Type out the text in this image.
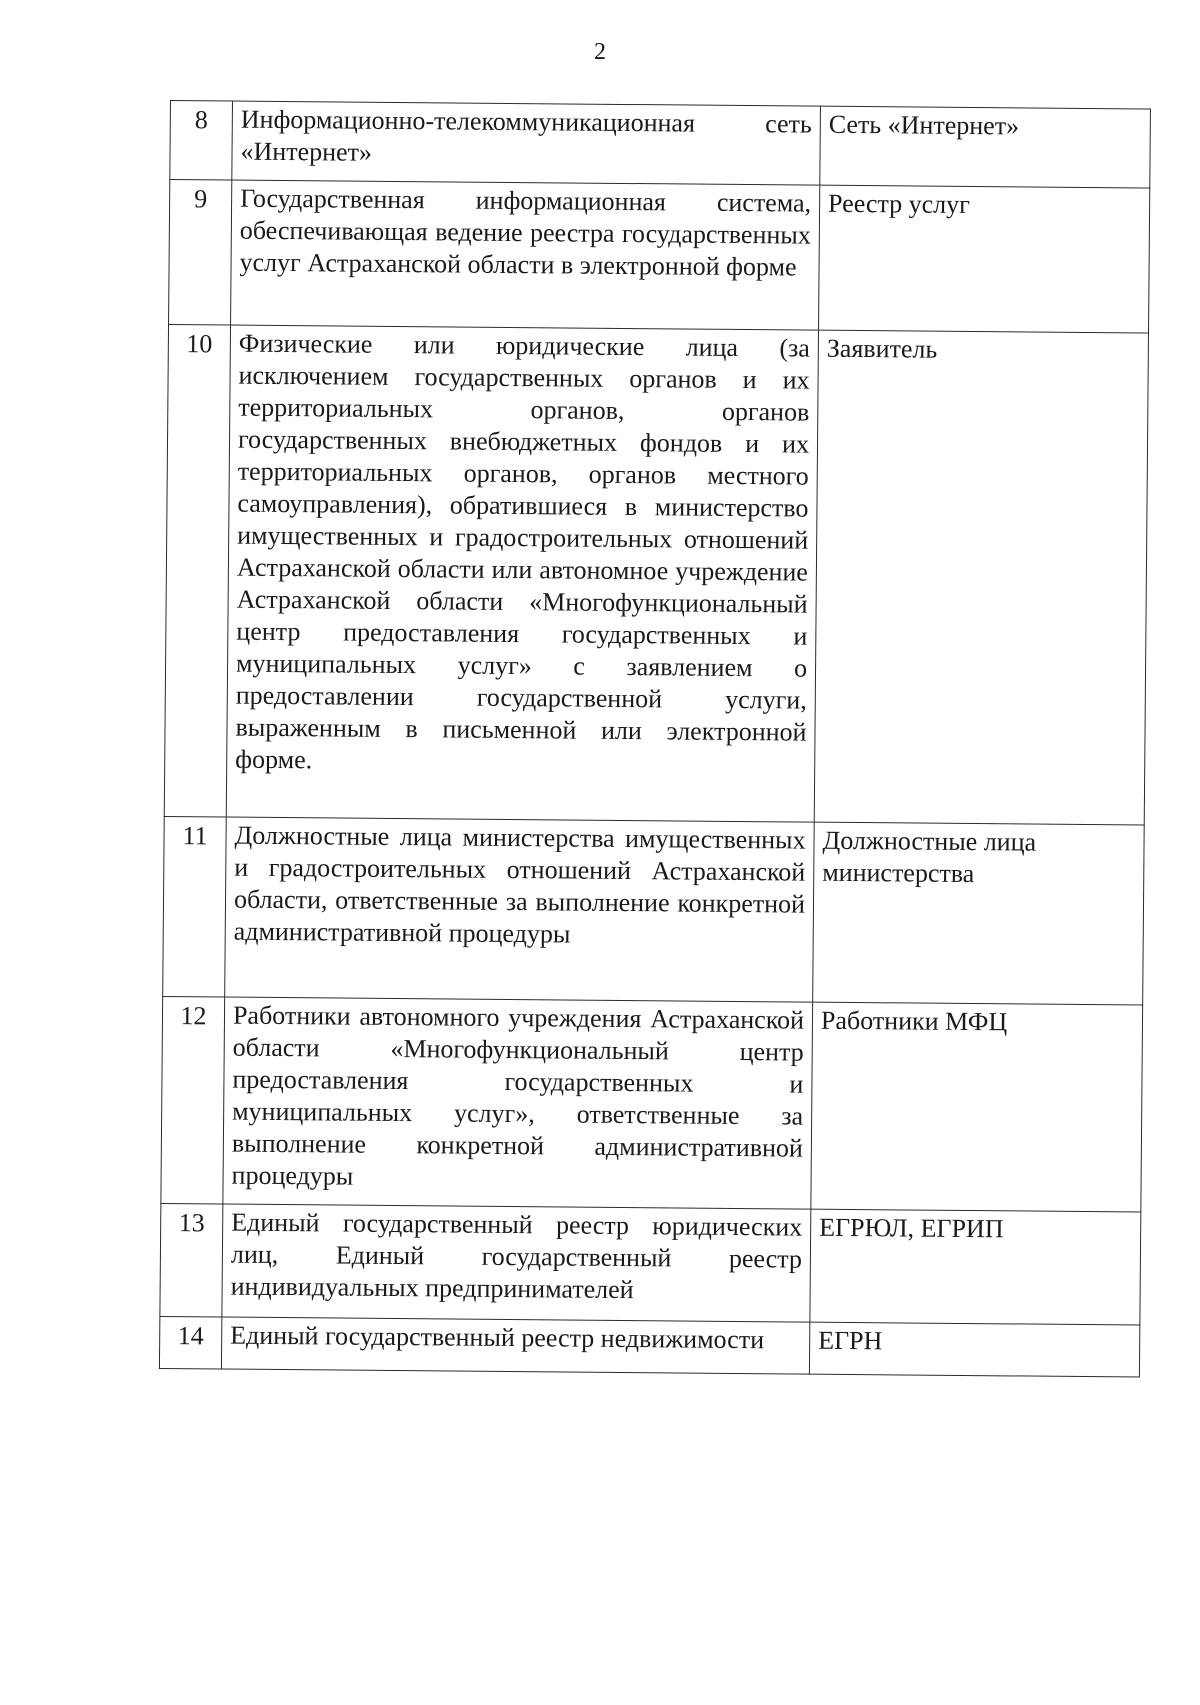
2
8	Информационно-телекоммуникационная сеть «Интернет»	Сеть «Интернет»
9	Государственная информационная система, обеспечивающая ведение реестра государственных услуг Астраханской области в электронной форме	Реестр услуг
10	Физические или юридические лица (за исключением государственных органов и их территориальных органов, органов государственных внебюджетных фондов и их территориальных органов, органов местного самоуправления), обратившиеся в министерство имущественных и градостроительных отношений Астраханской области или автономное учреждение Астраханской области «Многофункциональный центр предоставления государственных и муниципальных услуг» с заявлением о предоставлении государственной услуги, выраженным в письменной или электронной форме.	Заявитель
11	Должностные лица министерства имущественных и градостроительных отношений Астраханской области, ответственные за выполнение конкретной административной процедуры	Должностные лица министерства
12	Работники автономного учреждения Астраханской области «Многофункциональный центр предоставления государственных и муниципальных услуг», ответственные за выполнение конкретной административной процедуры	Работники МФЦ
13	Единый государственный реестр юридических лиц, Единый государственный реестр индивидуальных предпринимателей	ЕГРЮЛ, ЕГРИП
14	Единый государственный реестр недвижимости	ЕГРН
